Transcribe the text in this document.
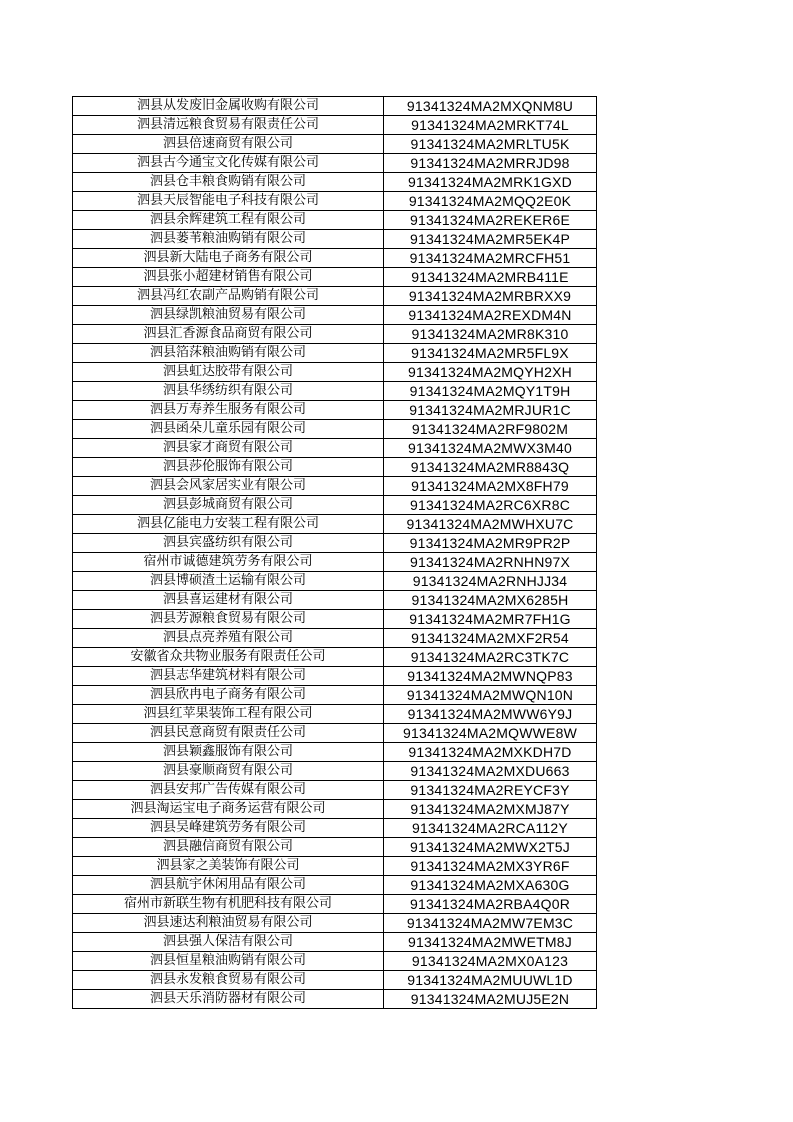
泗县从发废旧金属收购有限公司	91341324MA2MXQNM8U
泗县清远粮食贸易有限责任公司	91341324MA2MRKT74L
泗县倍速商贸有限公司	91341324MA2MRLTU5K
泗县古今通宝文化传媒有限公司	91341324MA2MRRJD98
泗县仓丰粮食购销有限公司	91341324MA2MRK1GXD
泗县天辰智能电子科技有限公司	91341324MA2MQQ2E0K
泗县余辉建筑工程有限公司	91341324MA2REKER6E
泗县蒌苇粮油购销有限公司	91341324MA2MR5EK4P
泗县新大陆电子商务有限公司	91341324MA2MRCFH51
泗县张小超建材销售有限公司	91341324MA2MRB411E
泗县冯红农副产品购销有限公司	91341324MA2MRBRXX9
泗县绿凯粮油贸易有限公司	91341324MA2REXDM4N
泗县汇香源食品商贸有限公司	91341324MA2MR8K310
泗县箔莯粮油购销有限公司	91341324MA2MR5FL9X
泗县虹达胶带有限公司	91341324MA2MQYH2XH
泗县华绣纺织有限公司	91341324MA2MQY1T9H
泗县万寿养生服务有限公司	91341324MA2MRJUR1C
泗县函朵儿童乐园有限公司	91341324MA2RF9802M
泗县家才商贸有限公司	91341324MA2MWX3M40
泗县莎伦服饰有限公司	91341324MA2MR8843Q
泗县会风家居实业有限公司	91341324MA2MX8FH79
泗县彭城商贸有限公司	91341324MA2RC6XR8C
泗县亿能电力安装工程有限公司	91341324MA2MWHXU7C
泗县宾盛纺织有限公司	91341324MA2MR9PR2P
宿州市诚德建筑劳务有限公司	91341324MA2RNHN97X
泗县博硕渣土运输有限公司	91341324MA2RNHJJ34
泗县喜运建材有限公司	91341324MA2MX6285H
泗县芳源粮食贸易有限公司	91341324MA2MR7FH1G
泗县点亮养殖有限公司	91341324MA2MXF2R54
安徽省众共物业服务有限责任公司	91341324MA2RC3TK7C
泗县志华建筑材料有限公司	91341324MA2MWNQP83
泗县欣冉电子商务有限公司	91341324MA2MWQN10N
泗县红苹果装饰工程有限公司	91341324MA2MWW6Y9J
泗县民意商贸有限责任公司	91341324MA2MQWWE8W
泗县颖鑫服饰有限公司	91341324MA2MXKDH7D
泗县豪顺商贸有限公司	91341324MA2MXDU663
泗县安邦广告传媒有限公司	91341324MA2REYCF3Y
泗县淘运宝电子商务运营有限公司	91341324MA2MXMJ87Y
泗县吴峰建筑劳务有限公司	91341324MA2RCA112Y
泗县融信商贸有限公司	91341324MA2MWX2T5J
泗县家之美装饰有限公司	91341324MA2MX3YR6F
泗县航宇休闲用品有限公司	91341324MA2MXA630G
宿州市新联生物有机肥科技有限公司	91341324MA2RBA4Q0R
泗县速达利粮油贸易有限公司	91341324MA2MW7EM3C
泗县强人保洁有限公司	91341324MA2MWETM8J
泗县恒星粮油购销有限公司	91341324MA2MX0A123
泗县永发粮食贸易有限公司	91341324MA2MUUWL1D
泗县天乐消防器材有限公司	91341324MA2MUJ5E2N
